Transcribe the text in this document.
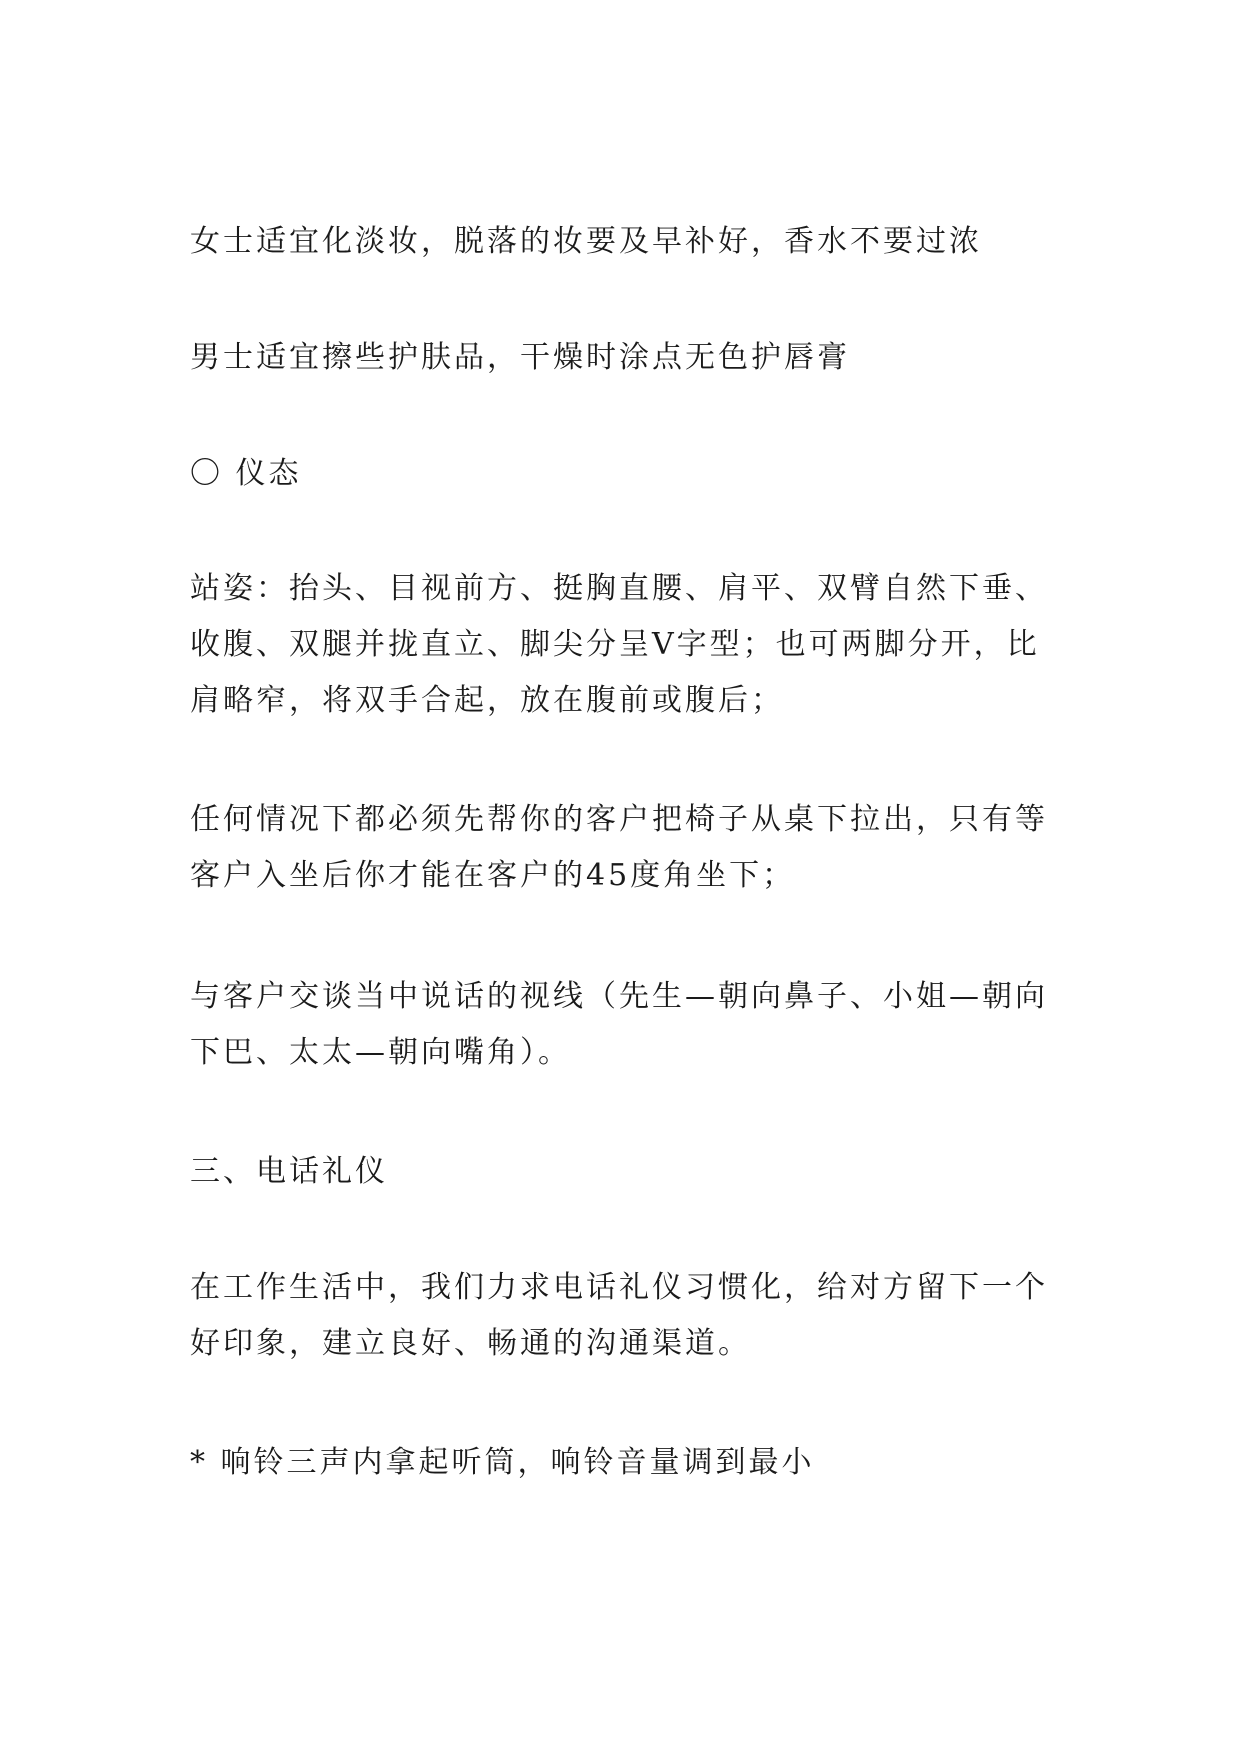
女士适宜化淡妆，脱落的妆要及早补好，香水不要过浓

男士适宜擦些护肤品，干燥时涂点无色护唇膏

〇 仪态

站姿：抬头、目视前方、挺胸直腰、肩平、双臂自然下垂、收腹、双腿并拢直立、脚尖分呈V字型；也可两脚分开，比肩略窄，将双手合起，放在腹前或腹后；

任何情况下都必须先帮你的客户把椅子从桌下拉出，只有等客户入坐后你才能在客户的45度角坐下；

与客户交谈当中说话的视线（先生—朝向鼻子、小姐—朝向下巴、太太—朝向嘴角）。

三、电话礼仪

在工作生活中，我们力求电话礼仪习惯化，给对方留下一个好印象，建立良好、畅通的沟通渠道。

* 响铃三声内拿起听筒，响铃音量调到最小
